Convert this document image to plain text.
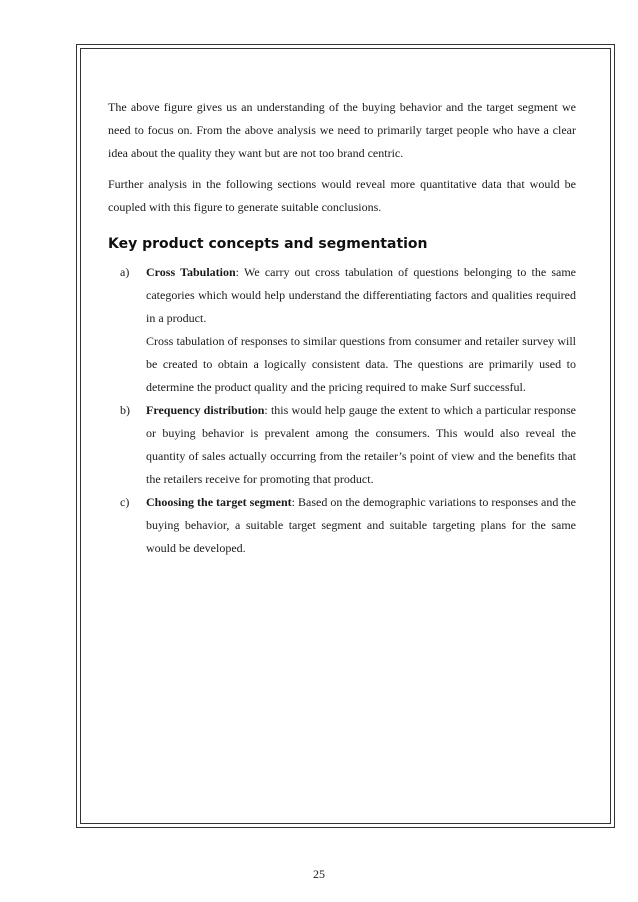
The above figure gives us an understanding of the buying behavior and the target segment we need to focus on. From the above analysis we need to primarily target people who have a clear idea about the quality they want but are not too brand centric.

Further analysis in the following sections would reveal more quantitative data that would be coupled with this figure to generate suitable conclusions.

Key product concepts and segmentation
a) Cross Tabulation: We carry out cross tabulation of questions belonging to the same categories which would help understand the differentiating factors and qualities required in a product.

Cross tabulation of responses to similar questions from consumer and retailer survey will be created to obtain a logically consistent data. The questions are primarily used to determine the product quality and the pricing required to make Surf successful.

b) Frequency distribution: this would help gauge the extent to which a particular response or buying behavior is prevalent among the consumers. This would also reveal the quantity of sales actually occurring from the retailer’s point of view and the benefits that the retailers receive for promoting that product.
c) Choosing the target segment: Based on the demographic variations to responses and the buying behavior, a suitable target segment and suitable targeting plans for the same would be developed.
25
